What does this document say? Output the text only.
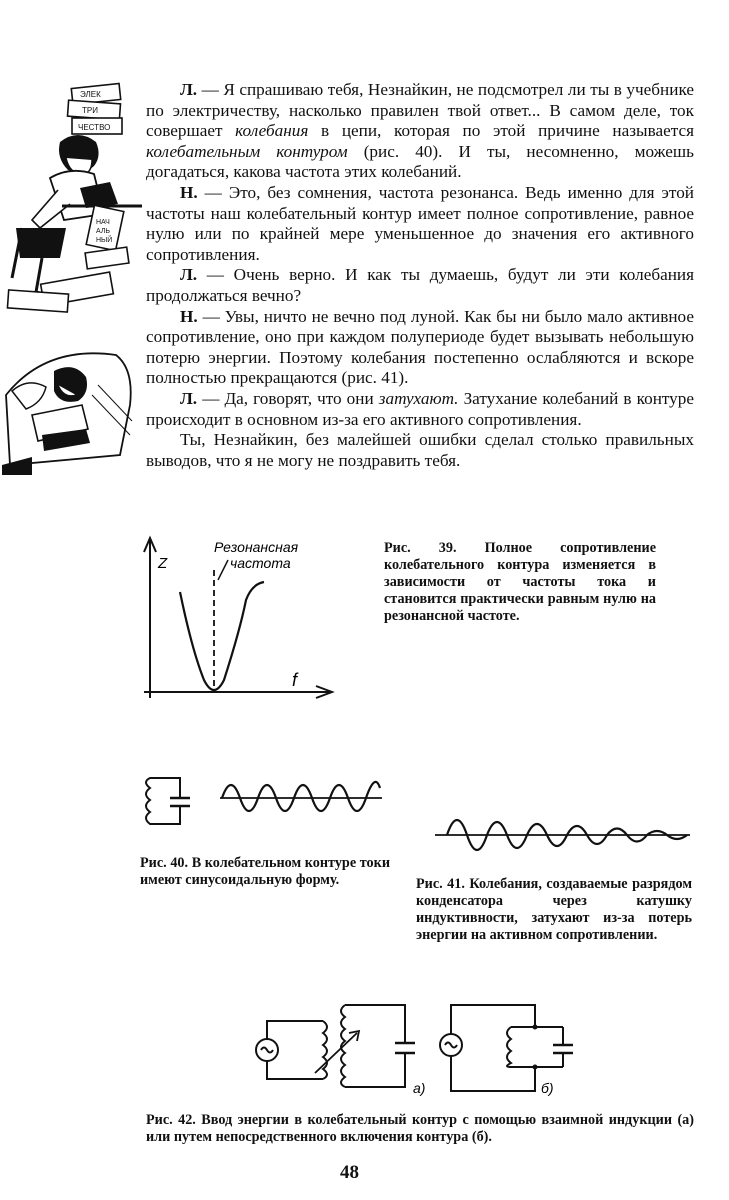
ЭЛЕК
ТРИ
ЧЕСТВО
НАЧ
АЛЬ
НЫЙ

Л. — Я спрашиваю тебя, Незнайкин, не подсмотрел ли ты в учебнике по электричеству, насколько правилен твой ответ... В самом деле, ток совершает колебания в цепи, которая по этой причине называется колебательным контуром (рис. 40). И ты, несомненно, можешь догадаться, какова частота этих колебаний.

Н. — Это, без сомнения, частота резонанса. Ведь именно для этой частоты наш колебательный контур имеет полное сопротивление, равное нулю или по крайней мере уменьшенное до значения его активного сопротивления.

Л. — Очень верно. И как ты думаешь, будут ли эти колебания продолжаться вечно?

Н. — Увы, ничто не вечно под луной. Как бы ни было мало активное сопротивление, оно при каждом полупериоде будет вызывать небольшую потерю энергии. Поэтому колебания постепенно ослабляются и вскоре полностью прекращаются (рис. 41).

Л. — Да, говорят, что они затухают. Затухание колебаний в контуре происходит в основном из-за его активного сопротивления.

Ты, Незнайкин, без малейшей ошибки сделал столько правильных выводов, что я не могу не поздравить тебя.

Резонансная
частота
Z
f
Рис. 39. Полное сопротивление колебательного контура изменяется в зависимости от частоты тока и становится практически равным нулю на резонансной частоте.
Рис. 40. В колебательном контуре токи имеют синусоидальную форму.	Рис. 41. Колебания, создаваемые разрядом конденсатора через катушку индуктивности, затухают из-за потерь энергии на активном сопротивлении.
а)	б)
Рис. 42. Ввод энергии в колебательный контур с помощью взаимной индукции (а) или путем непосредственного включения контура (б).
48
